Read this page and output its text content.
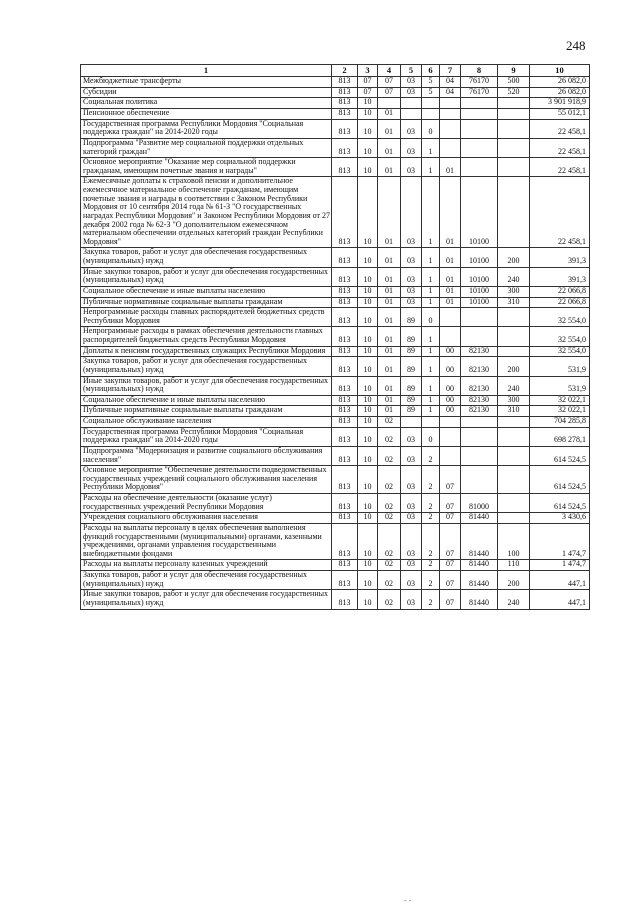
248
1	2	3	4	5	6	7	8	9	10
Межбюджетные трансферты	813	07	07	03	5	04	76170	500	26 082,0
Субсидии	813	07	07	03	5	04	76170	520	26 082,0
Социальная политика	813	10							3 901 918,9
Пенсионное обеспечение	813	10	01						55 012,1
Государственная программа Республики Мордовия "Социальная поддержка граждан" на 2014-2020 годы	813	10	01	03	0				22 458,1
Подпрограмма "Развитие мер социальной поддержки отдельных категорий граждан"	813	10	01	03	1				22 458,1
Основное мероприятие "Оказание мер социальной поддержки гражданам, имеющим почетные звания и награды"	813	10	01	03	1	01			22 458,1
Ежемесячные доплаты к страховой пенсии и дополнительное ежемесячное материальное обеспечение гражданам, имеющим почетные звания и награды в соответствии с Законом Республики Мордовия от 10 сентября 2014 года № 61-З "О государственных наградах Республики Мордовия" и Законом Республики Мордовия от 27 декабря 2002 года № 62-З "О дополнительном ежемесячном материальном обеспечении отдельных категорий граждан Республики Мордовия"	813	10	01	03	1	01	10100		22 458,1
Закупка товаров, работ и услуг для обеспечения государственных (муниципальных) нужд	813	10	01	03	1	01	10100	200	391,3
Иные закупки товаров, работ и услуг для обеспечения государственных (муниципальных) нужд	813	10	01	03	1	01	10100	240	391,3
Социальное обеспечение и иные выплаты населению	813	10	01	03	1	01	10100	300	22 066,8
Публичные нормативные социальные выплаты гражданам	813	10	01	03	1	01	10100	310	22 066,8
Непрограммные расходы главных распорядителей бюджетных средств Республики Мордовия	813	10	01	89	0				32 554,0
Непрограммные расходы в рамках обеспечения деятельности главных распорядителей бюджетных средств Республики Мордовия	813	10	01	89	1				32 554,0
Доплаты к пенсиям государственных служащих Республики Мордовия	813	10	01	89	1	00	82130		32 554,0
Закупка товаров, работ и услуг для обеспечения государственных (муниципальных) нужд	813	10	01	89	1	00	82130	200	531,9
Иные закупки товаров, работ и услуг для обеспечения государственных (муниципальных) нужд	813	10	01	89	1	00	82130	240	531,9
Социальное обеспечение и иные выплаты населению	813	10	01	89	1	00	82130	300	32 022,1
Публичные нормативные социальные выплаты гражданам	813	10	01	89	1	00	82130	310	32 022,1
Социальное обслуживание населения	813	10	02						704 285,8
Государственная программа Республики Мордовия "Социальная поддержка граждан" на 2014-2020 годы	813	10	02	03	0				698 278,1
Подпрограмма "Модернизация и развитие социального обслуживания населения"	813	10	02	03	2				614 524,5
Основное мероприятие "Обеспечение деятельности подведомственных государственных учреждений социального обслуживания населения Республики Мордовия"	813	10	02	03	2	07			614 524,5
Расходы на обеспечение деятельности (оказание услуг) государственных учреждений Республики Мордовия	813	10	02	03	2	07	81000		614 524,5
Учреждения социального обслуживания населения	813	10	02	03	2	07	81440		3 430,6
Расходы на выплаты персоналу в целях обеспечения выполнения функций государственными (муниципальными) органами, казенными учреждениями, органами управления государственными внебюджетными фондами	813	10	02	03	2	07	81440	100	1 474,7
Расходы на выплаты персоналу казенных учреждений	813	10	02	03	2	07	81440	110	1 474,7
Закупка товаров, работ и услуг для обеспечения государственных (муниципальных) нужд	813	10	02	03	2	07	81440	200	447,1
Иные закупки товаров, работ и услуг для обеспечения государственных (муниципальных) нужд	813	10	02	03	2	07	81440	240	447,1
- -
